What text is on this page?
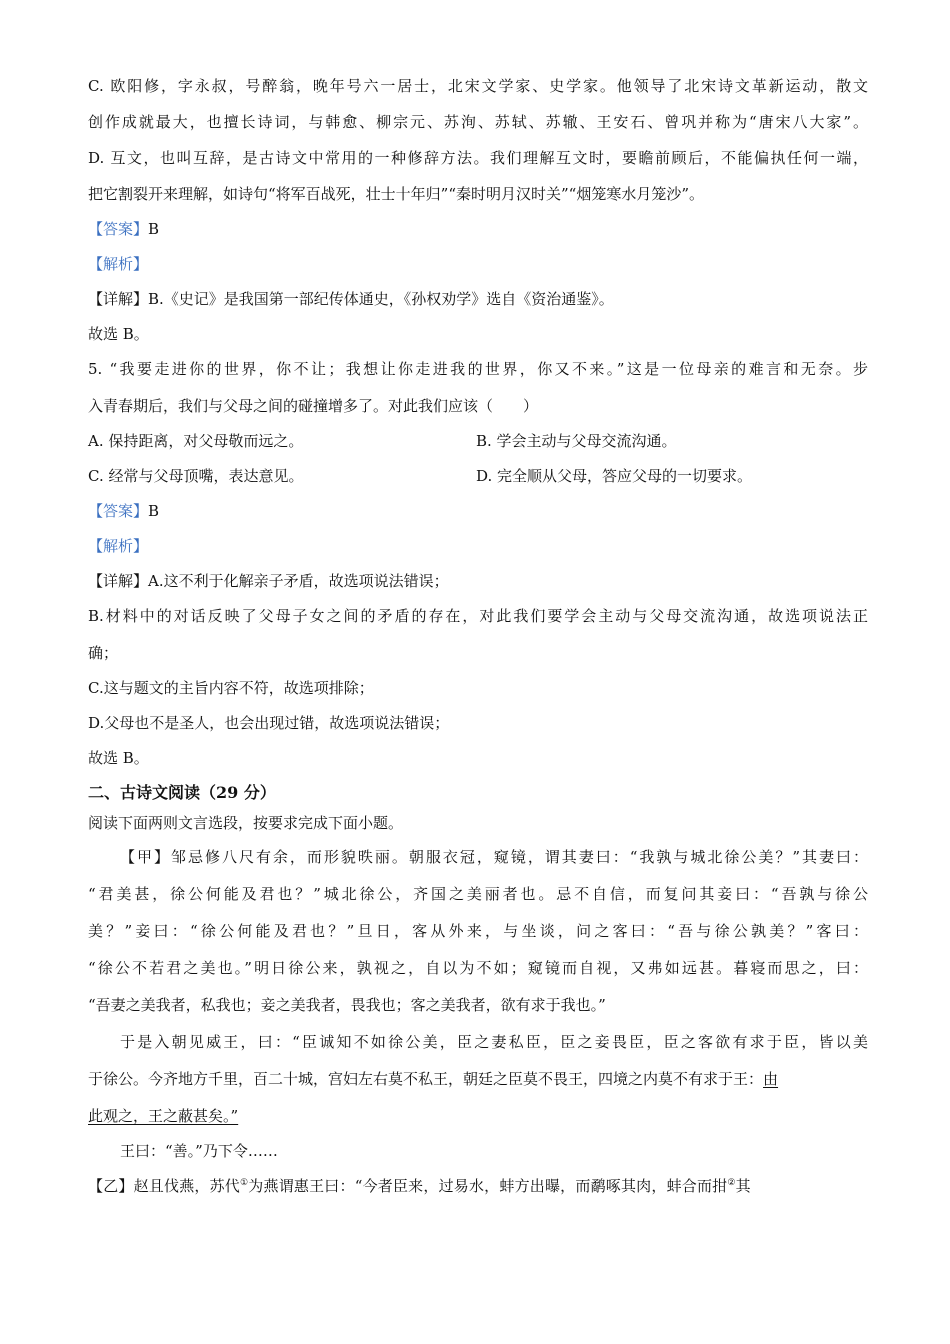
C. 欧阳修，字永叔，号醉翁，晚年号六一居士，北宋文学家、史学家。他领导了北宋诗文革新运动，散文
创作成就最大，也擅长诗词，与韩愈、柳宗元、苏洵、苏轼、苏辙、王安石、曾巩并称为“唐宋八大家”。
D. 互文，也叫互辞，是古诗文中常用的一种修辞方法。我们理解互文时，要瞻前顾后，不能偏执任何一端，
把它割裂开来理解，如诗句“将军百战死，壮士十年归”“秦时明月汉时关”“烟笼寒水月笼沙”。
【答案】B
【解析】
【详解】B.《史记》是我国第一部纪传体通史，《孙权劝学》选自《资治通鉴》。
故选 B。
5. “我要走进你的世界，你不让；我想让你走进我的世界，你又不来。”这是一位母亲的难言和无奈。步
入青春期后，我们与父母之间的碰撞增多了。对此我们应该（　　）
A. 保持距离，对父母敬而远之。	B. 学会主动与父母交流沟通。
C. 经常与父母顶嘴，表达意见。	D. 完全顺从父母，答应父母的一切要求。
【答案】B
【解析】
【详解】A.这不利于化解亲子矛盾，故选项说法错误；
B.材料中的对话反映了父母子女之间的矛盾的存在，对此我们要学会主动与父母交流沟通，故选项说法正
确；
C.这与题文的主旨内容不符，故选项排除；
D.父母也不是圣人，也会出现过错，故选项说法错误；
故选 B。
二、古诗文阅读（29 分）
阅读下面两则文言选段，按要求完成下面小题。
【甲】邹忌修八尺有余，而形貌昳丽。朝服衣冠，窥镜，谓其妻曰：“我孰与城北徐公美？”其妻曰：
“君美甚，徐公何能及君也？”城北徐公，齐国之美丽者也。忌不自信，而复问其妾曰：“吾孰与徐公
美？”妾曰：“徐公何能及君也？”旦日，客从外来，与坐谈，问之客曰：“吾与徐公孰美？”客曰：
“徐公不若君之美也。”明日徐公来，孰视之，自以为不如；窥镜而自视，又弗如远甚。暮寝而思之，曰：
“吾妻之美我者，私我也；妾之美我者，畏我也；客之美我者，欲有求于我也。”
于是入朝见威王，曰：“臣诚知不如徐公美，臣之妻私臣，臣之妾畏臣，臣之客欲有求于臣，皆以美
于徐公。今齐地方千里，百二十城，宫妇左右莫不私王，朝廷之臣莫不畏王，四境之内莫不有求于王：由
此观之，王之蔽甚矣。”
王曰：“善。”乃下令……
【乙】赵且伐燕，苏代①为燕谓惠王曰：“今者臣来，过易水，蚌方出曝，而鹬啄其肉，蚌合而拑②其
